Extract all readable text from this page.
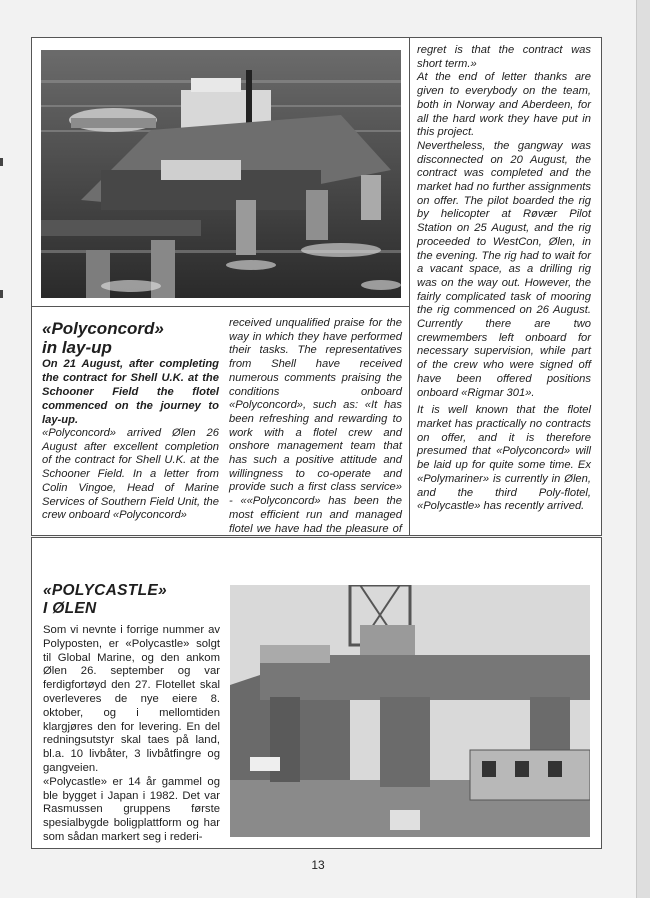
«Polyconcord»
in lay-up

On 21 August, after completing the contract for Shell U.K. at the Schooner Field the flotel commenced on the journey to lay-up.

«Polyconcord» arrived Ølen 26 August after excellent completion of the contract for Shell U.K. at the Schooner Field. In a letter from Colin Vingoe, Head of Marine Services of Southern Field Unit, the crew onboard «Polyconcord»

received unqualified praise for the way in which they have performed their tasks. The representatives from Shell have received numerous comments praising the conditions onboard «Polyconcord», such as: «It has been refreshing and rewarding to work with a flotel crew and onshore management team that has such a positive attitude and willingness to co-operate and provide such a first class service» - ««Polyconcord» has been the most efficient run and managed flotel we have had the pleasure of

regret is that the contract was short term.»

At the end of letter thanks are given to everybody on the team, both in Norway and Aberdeen, for all the hard work they have put in this project.

Nevertheless, the gangway was disconnected on 20 August, the contract was completed and the market had no further assignments on offer. The pilot boarded the rig by helicopter at Røvær Pilot Station on 25 August, and the rig proceeded to WestCon, Ølen, in the evening. The rig had to wait for a vacant space, as a drilling rig was on the way out. However, the fairly complicated task of mooring the rig commenced on 26 August. Currently there are two crewmembers left onboard for necessary supervision, while part of the crew who were signed off have been offered positions onboard «Rigmar 301».

It is well known that the flotel market has practically no contracts on offer, and it is therefore presumed that «Polyconcord» will be laid up for quite some time. Ex «Polymariner» is currently in Ølen, and the third Poly-flotel, «Polycastle» has recently arrived.

«POLYCASTLE»
I ØLEN

Som vi nevnte i forrige nummer av Polyposten, er «Polycastle» solgt til Global Marine, og den ankom Ølen 26. september og var ferdigfortøyd den 27. Flotellet skal overleveres de nye eiere 8. oktober, og i mellomtiden klargjøres den for levering. En del redningsutstyr skal taes på land, bl.a. 10 livbåter, 3 livbåtfingre og gangveien.

«Polycastle» er 14 år gammel og ble bygget i Japan i 1982. Det var Rasmussen gruppens første spesialbygde boligplattform og har som sådan markert seg i rederi-

13
